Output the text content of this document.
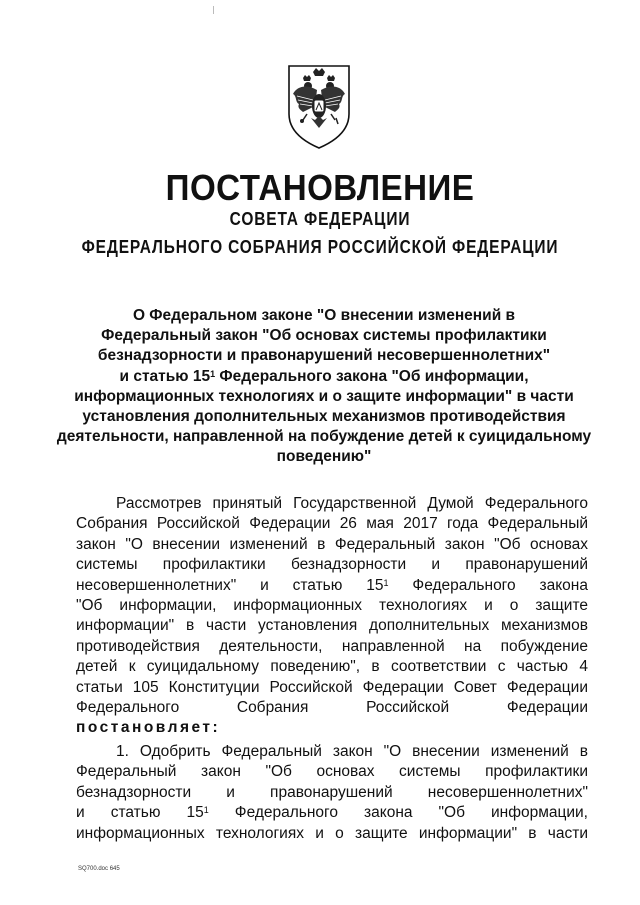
ПОСТАНОВЛЕНИЕ
СОВЕТА ФЕДЕРАЦИИ
ФЕДЕРАЛЬНОГО СОБРАНИЯ РОССИЙСКОЙ ФЕДЕРАЦИИ
О Федеральном законе "О внесении изменений в
Федеральный закон "Об основах системы профилактики
безнадзорности и правонарушений несовершеннолетних"
и статью $15^1$ Федерального закона "Об информации,
информационных технологиях и о защите информации" в части
установления дополнительных механизмов противодействия
деятельности, направленной на побуждение детей к суицидальному
поведению"
Рассмотрев принятый Государственной Думой Федерального
Собрания Российской Федерации 26 мая 2017 года Федеральный
закон "О внесении изменений в Федеральный закон "Об основах
системы профилактики безнадзорности и правонарушений
несовершеннолетних" и статью $15^1$ Федерального закона
"Об информации, информационных технологиях и о защите
информации" в части установления дополнительных механизмов
противодействия деятельности, направленной на побуждение
детей к суицидальному поведению", в соответствии с частью 4
статьи 105 Конституции Российской Федерации Совет Федерации
Федерального Собрания Российской Федерации
постановляет:
1. Одобрить Федеральный закон "О внесении изменений в
Федеральный закон "Об основах системы профилактики
безнадзорности и правонарушений несовершеннолетних"
и статью $15^1$ Федерального закона "Об информации,
информационных технологиях и о защите информации" в части
SQ700.doc 645
